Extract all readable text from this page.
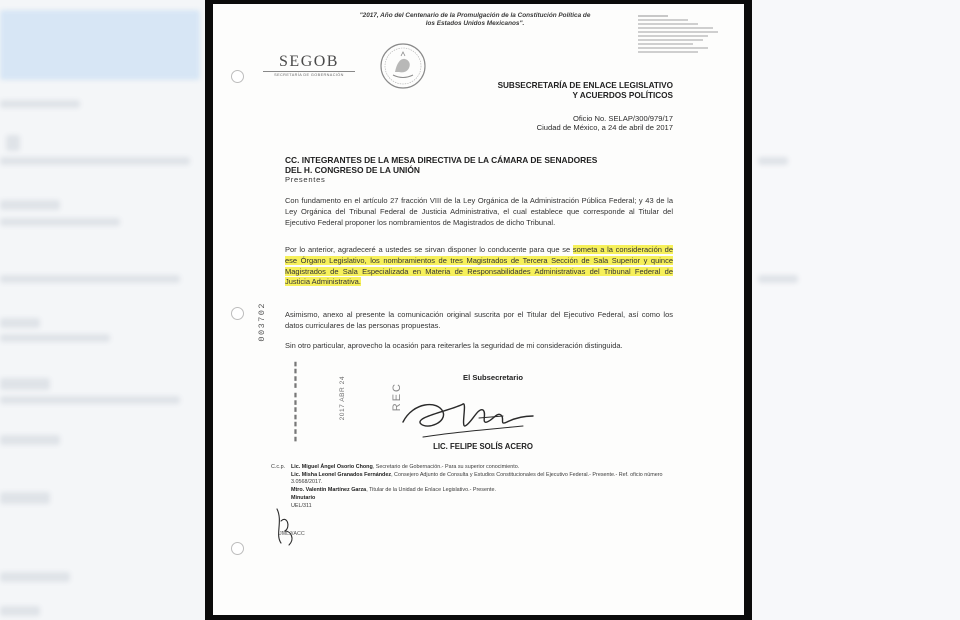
"2017, Año del Centenario de la Promulgación de la Constitución Política de los Estados Unidos Mexicanos".
SEGOB
SECRETARÍA DE GOBERNACIÓN
SUBSECRETARÍA DE ENLACE LEGISLATIVO
Y ACUERDOS POLÍTICOS
Oficio No. SELAP/300/979/17
Ciudad de México, a 24 de abril de 2017
CC. INTEGRANTES DE LA MESA DIRECTIVA DE LA CÁMARA DE SENADORES DEL H. CONGRESO DE LA UNIÓN
Presentes
Con fundamento en el artículo 27 fracción VIII de la Ley Orgánica de la Administración Pública Federal; y 43 de la Ley Orgánica del Tribunal Federal de Justicia Administrativa, el cual establece que corresponde al Titular del Ejecutivo Federal proponer los nombramientos de Magistrados de dicho Tribunal.
Por lo anterior, agradeceré a ustedes se sirvan disponer lo conducente para que se someta a la consideración de ese Órgano Legislativo, los nombramientos de tres Magistrados de Tercera Sección de Sala Superior y quince Magistrados de Sala Especializada en Materia de Responsabilidades Administrativas del Tribunal Federal de Justicia Administrativa.
Asimismo, anexo al presente la comunicación original suscrita por el Titular del Ejecutivo Federal, así como los datos curriculares de las personas propuestas.
Sin otro particular, aprovecho la ocasión para reiterarles la seguridad de mi consideración distinguida.
003702
▮▮▮▮▮▮▮ ▮▮▮▮	2017 ABR 24	REC
El Subsecretario
LIC. FELIPE SOLÍS ACERO
C.c.p.	Lic. Miguel Ángel Osorio Chong, Secretario de Gobernación.- Para su superior conocimiento.
Lic. Misha Leonel Granados Fernández, Consejero Adjunto de Consulta y Estudios Constitucionales del Ejecutivo Federal.- Presente.- Ref. oficio número 3.0568/2017.
Mtro. Valentín Martínez Garza, Titular de la Unidad de Enlace Legislativo.- Presente.
Minutario
UEL/311
JMLJ/ACC
